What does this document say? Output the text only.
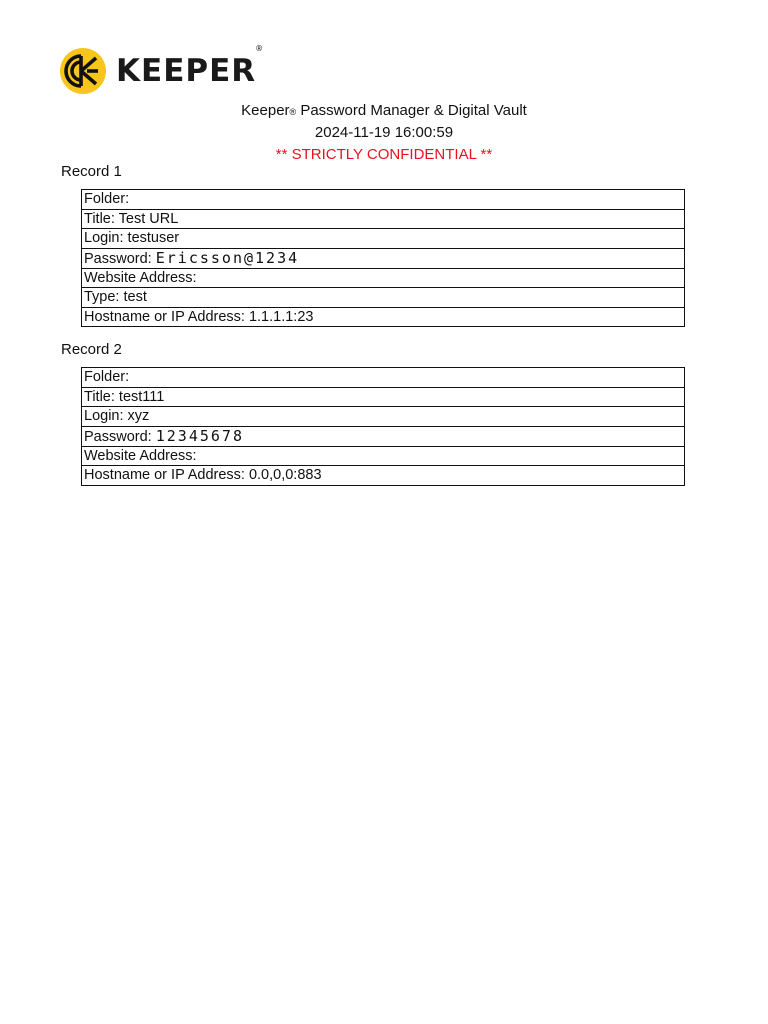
KEEPER
®
Keeper® Password Manager & Digital Vault
2024-11-19 16:00:59
** STRICTLY CONFIDENTIAL **
Record 1
Folder:
Title: Test URL
Login: testuser
Password: Ericsson@1234
Website Address:
Type: test
Hostname or IP Address: 1.1.1.1:23
Record 2
Folder:
Title: test111
Login: xyz
Password: 12345678
Website Address:
Hostname or IP Address: 0.0,0,0:883
